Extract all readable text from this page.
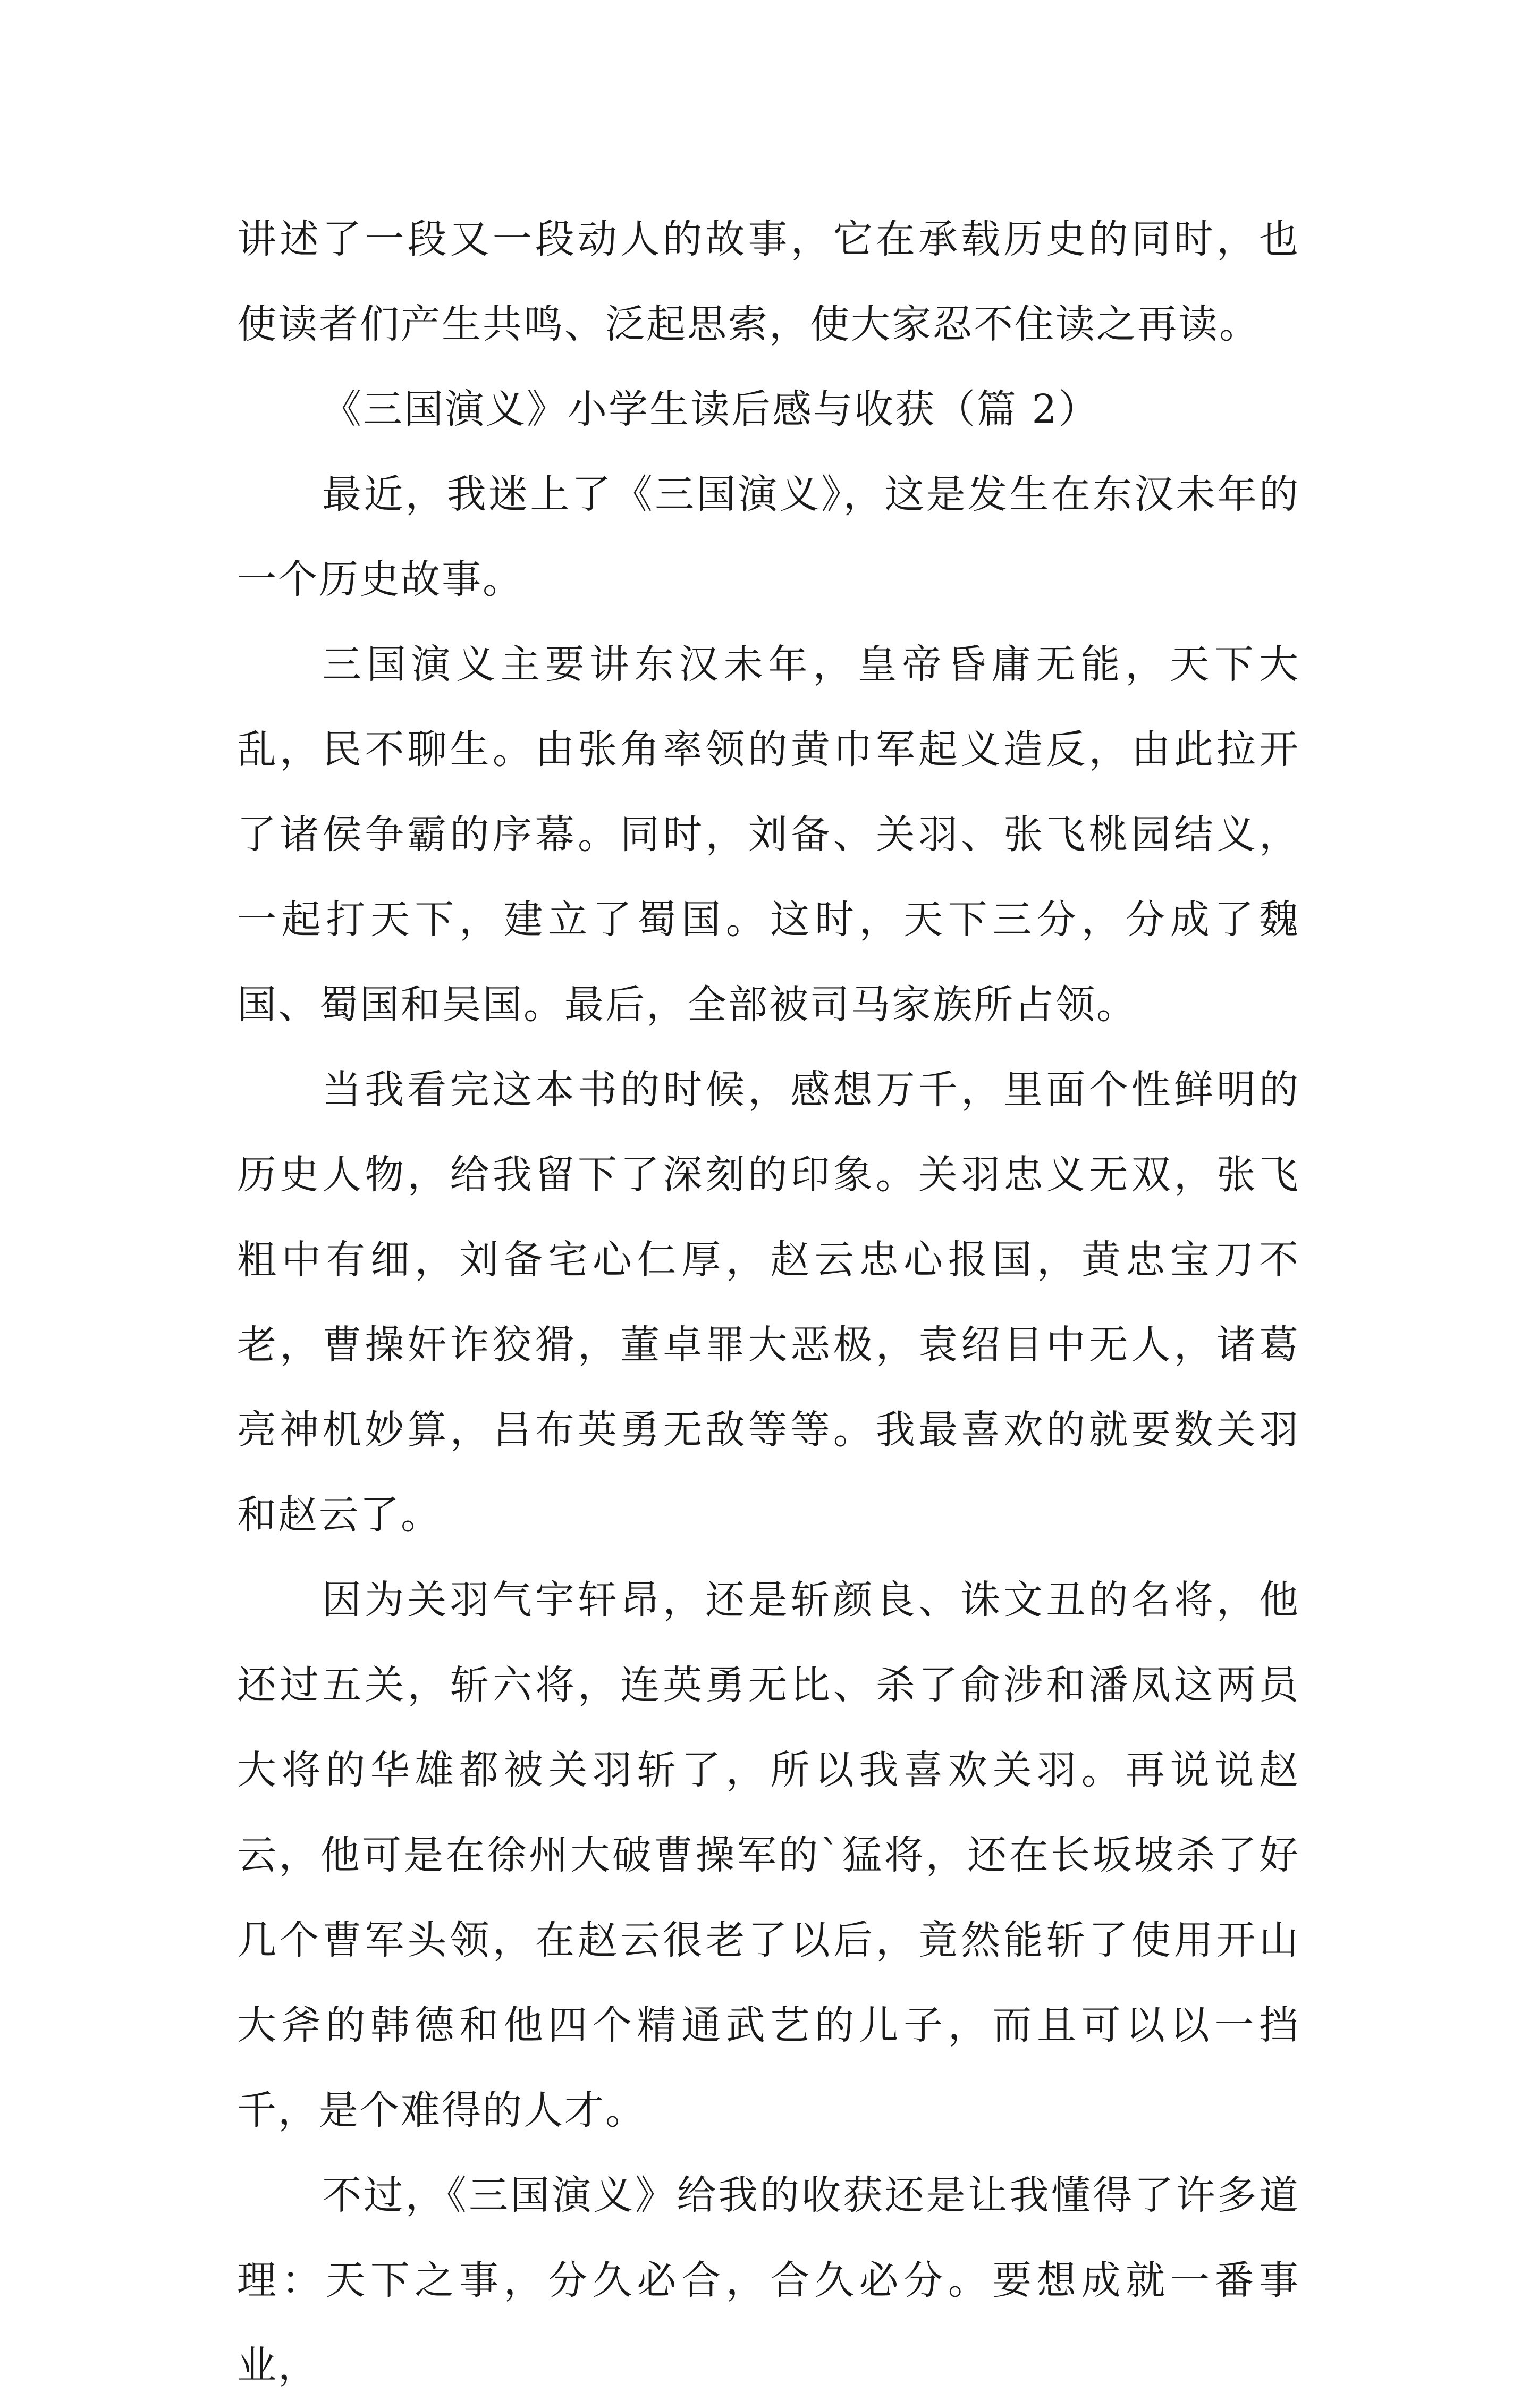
讲述了一段又一段动人的故事，它在承载历史的同时，也使读者们产生共鸣、泛起思索，使大家忍不住读之再读。

《三国演义》小学生读后感与收获（篇 2）

最近，我迷上了《三国演义》，这是发生在东汉未年的一个历史故事。

三国演义主要讲东汉未年，皇帝昏庸无能，天下大乱，民不聊生。由张角率领的黄巾军起义造反，由此拉开了诸侯争霸的序幕。同时，刘备、关羽、张飞桃园结义，一起打天下，建立了蜀国。这时，天下三分，分成了魏国、蜀国和吴国。最后，全部被司马家族所占领。

当我看完这本书的时候，感想万千，里面个性鲜明的历史人物，给我留下了深刻的印象。关羽忠义无双，张飞粗中有细，刘备宅心仁厚，赵云忠心报国，黄忠宝刀不老，曹操奸诈狡猾，董卓罪大恶极，袁绍目中无人，诸葛亮神机妙算，吕布英勇无敌等等。我最喜欢的就要数关羽和赵云了。

因为关羽气宇轩昂，还是斩颜良、诛文丑的名将，他还过五关，斩六将，连英勇无比、杀了俞涉和潘凤这两员大将的华雄都被关羽斩了，所以我喜欢关羽。再说说赵云，他可是在徐州大破曹操军的`猛将，还在长坂坡杀了好几个曹军头领，在赵云很老了以后，竟然能斩了使用开山大斧的韩德和他四个精通武艺的儿子，而且可以以一挡千，是个难得的人才。

不过，《三国演义》给我的收获还是让我懂得了许多道理：天下之事，分久必合，合久必分。要想成就一番事业，
